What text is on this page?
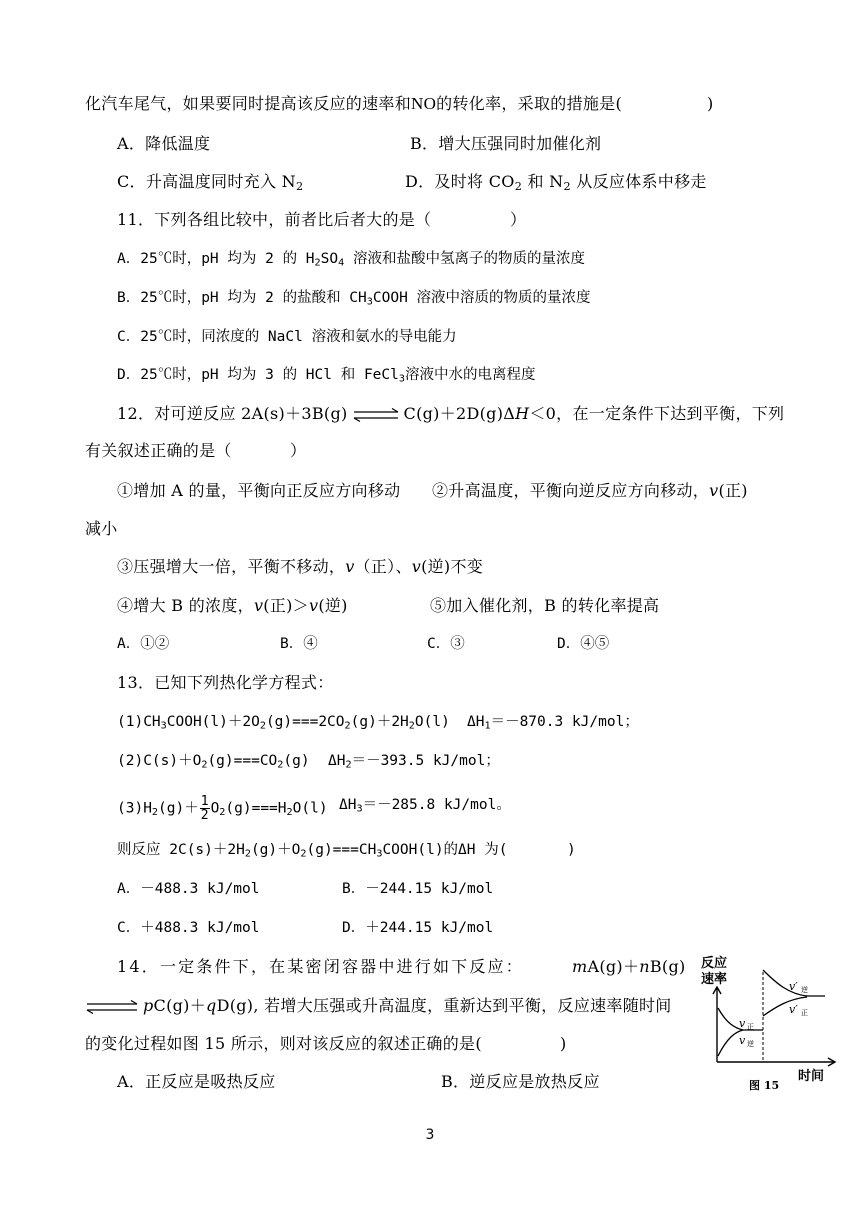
化汽车尾气，如果要同时提高该反应的速率和NO的转化率，采取的措施是(	)
A．降低温度	B．增大压强同时加催化剂
C．升高温度同时充入 $N_2$	D．及时将 $CO_2$ 和 $N_2$ 从反应体系中移走
11．下列各组比较中，前者比后者大的是（	）
A．25℃时，pH 均为 2 的 $H_2SO_4$ 溶液和盐酸中氢离子的物质的量浓度
B．25℃时，pH 均为 2 的盐酸和 $CH_3COOH$ 溶液中溶质的物质的量浓度
C．25℃时，同浓度的 NaCl 溶液和氨水的导电能力
D．25℃时，pH 均为 3 的 HCl 和 FeCl$_3$溶液中水的电离程度
12．对可逆反应 2A(s)＋3B(g) ⇌ C(g)＋2D(g)ΔH＜0，在一定条件下达到平衡，下列
有关叙述正确的是（	）
①增加 A 的量，平衡向正反应方向移动 ②升高温度，平衡向逆反应方向移动，v(正)
减小
③压强增大一倍，平衡不移动，v（正）、v(逆)不变
④增大 B 的浓度，v(正)＞v(逆)	⑤加入催化剂，B 的转化率提高
A．①②	B．④	C．③	D．④⑤
13．已知下列热化学方程式：
$(1)CH_3COOH(l)+2O_2(g)===2CO_2(g)+2H_2O(l)$ $\Delta H_1=-870.3$ kJ/mol；
$(2)C(s)+O_2(g)===CO_2(g)$ $\Delta H_2=-393.5$ kJ/mol；
$(3)H_2(g)+ \frac{1}{2} O_2(g)===H_2O(l)$ $\Delta H_3=-285.8$ kJ/mol。
则反应 $2C(s)+2H_2(g)+O_2(g)===CH_3COOH(l)$的ΔH 为(	)
A．－488.3 kJ/mol	B．－244.15 kJ/mol
C．＋488.3 kJ/mol	D．＋244.15 kJ/mol
14．一定条件下，在某密闭容器中进行如下反应：	mA(g)＋nB(g)
⇌ pC(g)＋qD(g), 若增大压强或升高温度，重新达到平衡，反应速率随时间
的变化过程如图 15 所示，则对该反应的叙述正确的是(	)
A．正反应是吸热反应	B．逆反应是放热反应
反应
速率
v 正
v 逆
v′ 逆
v′ 正
时间
图 15
3
